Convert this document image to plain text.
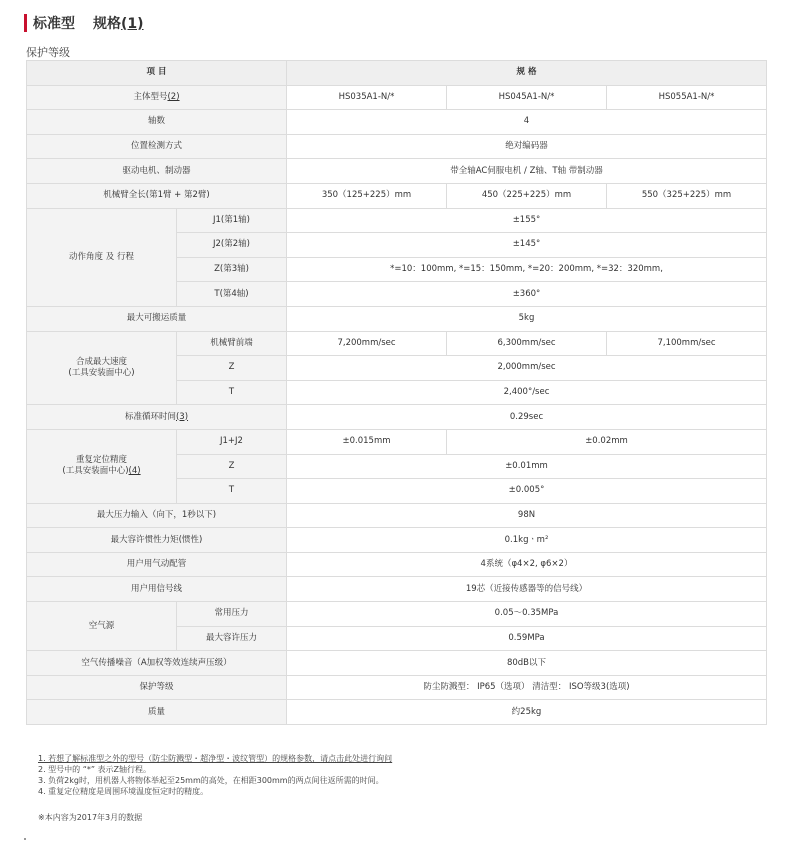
标准型 规格(1)
保护等级
项 目		规 格		
主体型号(2)		HS035A1-N/*	HS045A1-N/*	HS055A1-N/*
轴数		4		
位置检测方式		绝对编码器		
驱动电机、制动器		带全轴AC伺服电机 / Z轴、T轴 带制动器		
机械臂全长(第1臂 + 第2臂)		350（125+225）mm	450（225+225）mm	550（325+225）mm
动作角度 及 行程	J1(第1轴)	±155°		
	J2(第2轴)	±145°		
	Z(第3轴)	*=10：100mm, *=15：150mm, *=20：200mm, *=32：320mm,		
	T(第4轴)	±360°		
最大可搬运质量		5kg		
合成最大速度
(工具安装面中心)	机械臂前端	7,200mm/sec	6,300mm/sec	7,100mm/sec
	Z	2,000mm/sec		
	T	2,400°/sec		
标准循环时间(3)		0.29sec		
重复定位精度
(工具安装面中心)(4)	J1+J2	±0.015mm	±0.02mm	
	Z	±0.01mm		
	T	±0.005°		
最大压力输入（向下，1秒以下)		98N		
最大容许惯性力矩(惯性)		0.1kgㆍm²		
用户用气动配管		4系统（φ4×2, φ6×2）		
用户用信号线		19芯（近接传感器等的信号线）		
空气源	常用压力	0.05～0.35MPa		
	最大容许压力	0.59MPa		
空气传播噪音（A加权等效连续声压级）		80dB以下		
保护等级		防尘防溅型： IP65（选项） 清洁型： ISO等级3(选项)		
质量		约25kg		
1. 若想了解标准型之外的型号（防尘防溅型・超净型・波纹管型）的规格参数，请点击此处进行询问
2. 型号中的 “*” 表示Z轴行程。
3. 负荷2kg时，用机器人将物体举起至25mm的高处，在相距300mm的两点间往返所需的时间。
4. 重复定位精度是周围环境温度恒定时的精度。
※本内容为2017年3月的数据
